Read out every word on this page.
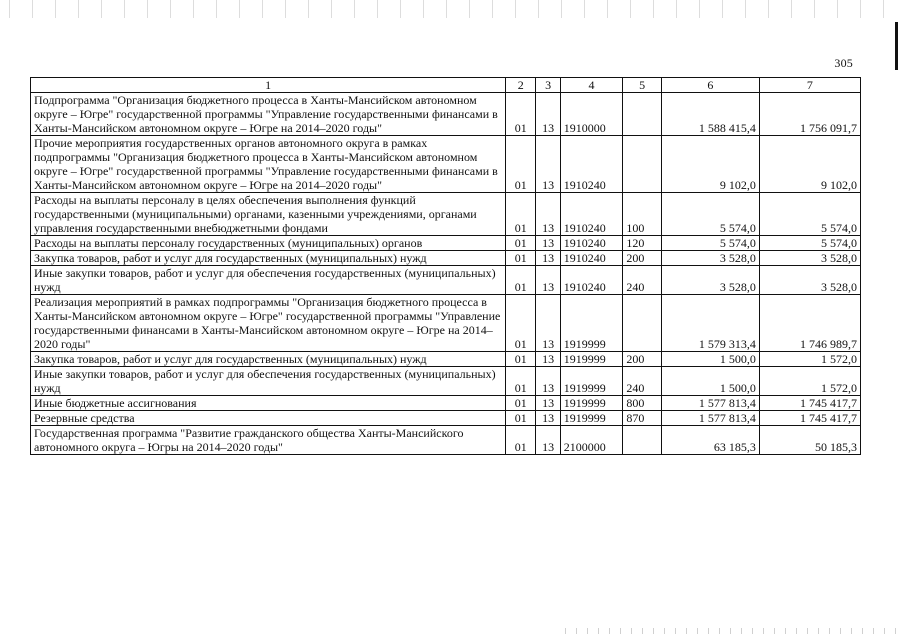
305
1	2	3	4	5	6	7
Подпрограмма "Организация бюджетного процесса в Ханты-Мансийском автономном округе – Югре" государственной программы "Управление государственными финансами в Ханты-Мансийском автономном округе – Югре на 2014–2020 годы"	01	13	1910000		1 588 415,4	1 756 091,7
Прочие мероприятия государственных органов автономного округа в рамках подпрограммы "Организация бюджетного процесса в Ханты-Мансийском автономном округе – Югре" государственной программы "Управление государственными финансами в Ханты-Мансийском автономном округе – Югре на 2014–2020 годы"	01	13	1910240		9 102,0	9 102,0
Расходы на выплаты персоналу в целях обеспечения выполнения функций государственными (муниципальными) органами, казенными учреждениями, органами управления государственными внебюджетными фондами	01	13	1910240	100	5 574,0	5 574,0
Расходы на выплаты персоналу государственных (муниципальных) органов	01	13	1910240	120	5 574,0	5 574,0
Закупка товаров, работ и услуг для государственных (муниципальных) нужд	01	13	1910240	200	3 528,0	3 528,0
Иные закупки товаров, работ и услуг для обеспечения государственных (муниципальных) нужд	01	13	1910240	240	3 528,0	3 528,0
Реализация мероприятий в рамках подпрограммы "Организация бюджетного процесса в Ханты-Мансийском автономном округе – Югре" государственной программы "Управление государственными финансами в Ханты-Мансийском автономном округе – Югре на 2014–2020 годы"	01	13	1919999		1 579 313,4	1 746 989,7
Закупка товаров, работ и услуг для государственных (муниципальных) нужд	01	13	1919999	200	1 500,0	1 572,0
Иные закупки товаров, работ и услуг для обеспечения государственных (муниципальных) нужд	01	13	1919999	240	1 500,0	1 572,0
Иные бюджетные ассигнования	01	13	1919999	800	1 577 813,4	1 745 417,7
Резервные средства	01	13	1919999	870	1 577 813,4	1 745 417,7
Государственная программа "Развитие гражданского общества Ханты-Мансийского автономного округа – Югры на 2014–2020 годы"	01	13	2100000		63 185,3	50 185,3
